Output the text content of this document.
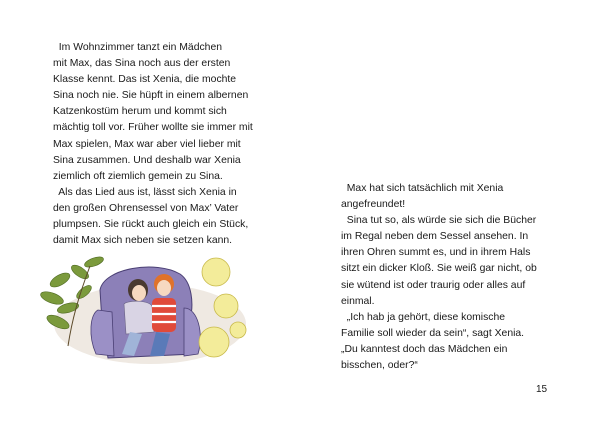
Im Wohnzimmer tanzt ein Mädchen

mit Max, das Sina noch aus der ersten

Klasse kennt. Das ist Xenia, die mochte

Sina noch nie. Sie hüpft in einem albernen

Katzenkostüm herum und kommt sich

mächtig toll vor. Früher wollte sie immer mit

Max spielen, Max war aber viel lieber mit

Sina zusammen. Und deshalb war Xenia

ziemlich oft ziemlich gemein zu Sina.

Als das Lied aus ist, lässt sich Xenia in

den großen Ohrensessel von Max’ Vater

plumpsen. Sie rückt auch gleich ein Stück,

damit Max sich neben sie setzen kann.

Max hat sich tatsächlich mit Xenia

angefreundet!

Sina tut so, als würde sie sich die Bücher

im Regal neben dem Sessel ansehen. In

ihren Ohren summt es, und in ihrem Hals

sitzt ein dicker Kloß. Sie weiß gar nicht, ob

sie wütend ist oder traurig oder alles auf

einmal.

„Ich hab ja gehört, diese komische

Familie soll wieder da sein“, sagt Xenia.

„Du kanntest doch das Mädchen ein

bisschen, oder?“

15
